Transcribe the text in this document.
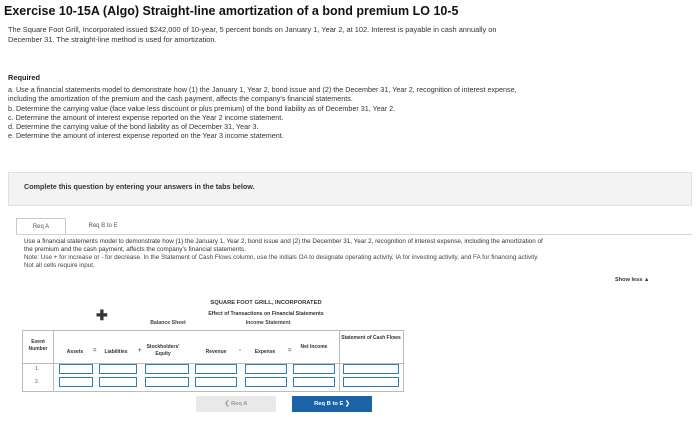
Exercise 10-15A (Algo) Straight-line amortization of a bond premium LO 10-5
The Square Foot Grill, Incorporated issued $242,000 of 10-year, 5 percent bonds on January 1, Year 2, at 102. Interest is payable in cash annually on December 31. The straight-line method is used for amortization.
Required
a. Use a financial statements model to demonstrate how (1) the January 1, Year 2, bond issue and (2) the December 31, Year 2, recognition of interest expense, including the amortization of the premium and the cash payment, affects the company's financial statements.
b. Determine the carrying value (face value less discount or plus premium) of the bond liability as of December 31, Year 2.
c. Determine the amount of interest expense reported on the Year 2 income statement.
d. Determine the carrying value of the bond liability as of December 31, Year 3.
e. Determine the amount of interest expense reported on the Year 3 income statement.
Complete this question by entering your answers in the tabs below.
Req A	Req B to E
Use a financial statements model to demonstrate how (1) the January 1, Year 2, bond issue and (2) the December 31, Year 2, recognition of interest expense, including the amortization of the premium and the cash payment, affects the company's financial statements.
Note: Use + for increase or - for decrease. In the Statement of Cash Flows column, use the initials OA to designate operating activity, IA for investing activity, and FA for financing activity. Not all cells require input.
Show less ▲
SQUARE FOOT GRILL, INCORPORATED
✚	Effect of Transactions on Financial Statements
Balance Sheet	Income Statement
Event Number
Assets	=	Liabilities	+
Stockholders' Equity	Revenue	-	Expense	=
Net Income
Statement of Cash Flows
1.
2.
❮ Req A	Req B to E ❯
